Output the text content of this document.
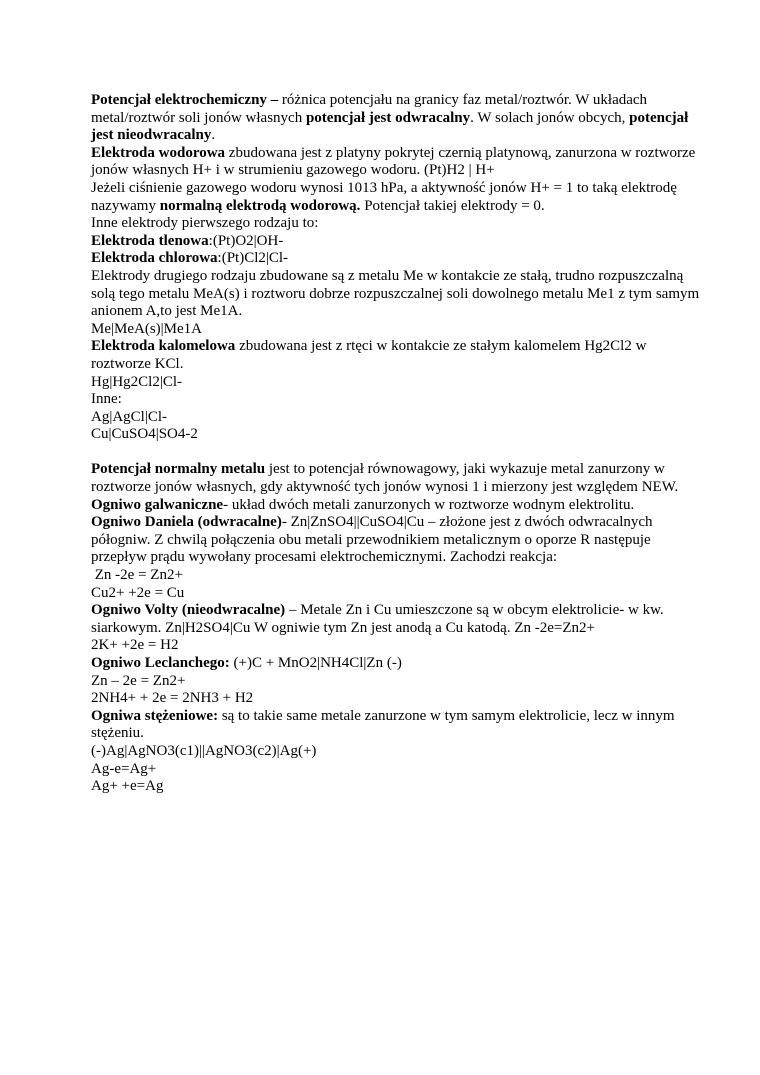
Potencjał elektrochemiczny – różnica potencjału na granicy faz metal/roztwór. W układach metal/roztwór soli jonów własnych potencjał jest odwracalny. W solach jonów obcych, potencjał jest nieodwracalny.

Elektroda wodorowa zbudowana jest z platyny pokrytej czernią platynową, zanurzona w roztworze jonów własnych H+ i w strumieniu gazowego wodoru. (Pt)H2 | H+

Jeżeli ciśnienie gazowego wodoru wynosi 1013 hPa, a aktywność jonów H+ = 1 to taką elektrodę nazywamy normalną elektrodą wodorową. Potencjał takiej elektrody = 0.

Inne elektrody pierwszego rodzaju to:

Elektroda tlenowa:(Pt)O2|OH-

Elektroda chlorowa:(Pt)Cl2|Cl-

Elektrody drugiego rodzaju zbudowane są z metalu Me w kontakcie ze stałą, trudno rozpuszczalną solą tego metalu MeA(s) i roztworu dobrze rozpuszczalnej soli dowolnego metalu Me1 z tym samym anionem A,to jest Me1A.

Me|MeA(s)|Me1A

Elektroda kalomelowa zbudowana jest z rtęci w kontakcie ze stałym kalomelem Hg2Cl2 w roztworze KCl.

Hg|Hg2Cl2|Cl-

Inne:

Ag|AgCl|Cl-

Cu|CuSO4|SO4-2

Potencjał normalny metalu jest to potencjał równowagowy, jaki wykazuje metal zanurzony w roztworze jonów własnych, gdy aktywność tych jonów wynosi 1 i mierzony jest względem NEW.

Ogniwo galwaniczne- układ dwóch metali zanurzonych w roztworze wodnym elektrolitu.

Ogniwo Daniela (odwracalne)- Zn|ZnSO4||CuSO4|Cu – złożone jest z dwóch odwracalnych półogniw. Z chwilą połączenia obu metali przewodnikiem metalicznym o oporze R następuje przepływ prądu wywołany procesami elektrochemicznymi. Zachodzi reakcja:

Zn -2e = Zn2+

Cu2+ +2e = Cu

Ogniwo Volty (nieodwracalne) – Metale Zn i Cu umieszczone są w obcym elektrolicie- w kw. siarkowym. Zn|H2SO4|Cu W ogniwie tym Zn jest anodą a Cu katodą. Zn -2e=Zn2+

2K+ +2e = H2

Ogniwo Leclanchego: (+)C + MnO2|NH4Cl|Zn (-)

Zn – 2e = Zn2+

2NH4+ + 2e = 2NH3 + H2

Ogniwa stężeniowe: są to takie same metale zanurzone w tym samym elektrolicie, lecz w innym stężeniu.

(-)Ag|AgNO3(c1)||AgNO3(c2)|Ag(+)

Ag-e=Ag+

Ag+ +e=Ag
